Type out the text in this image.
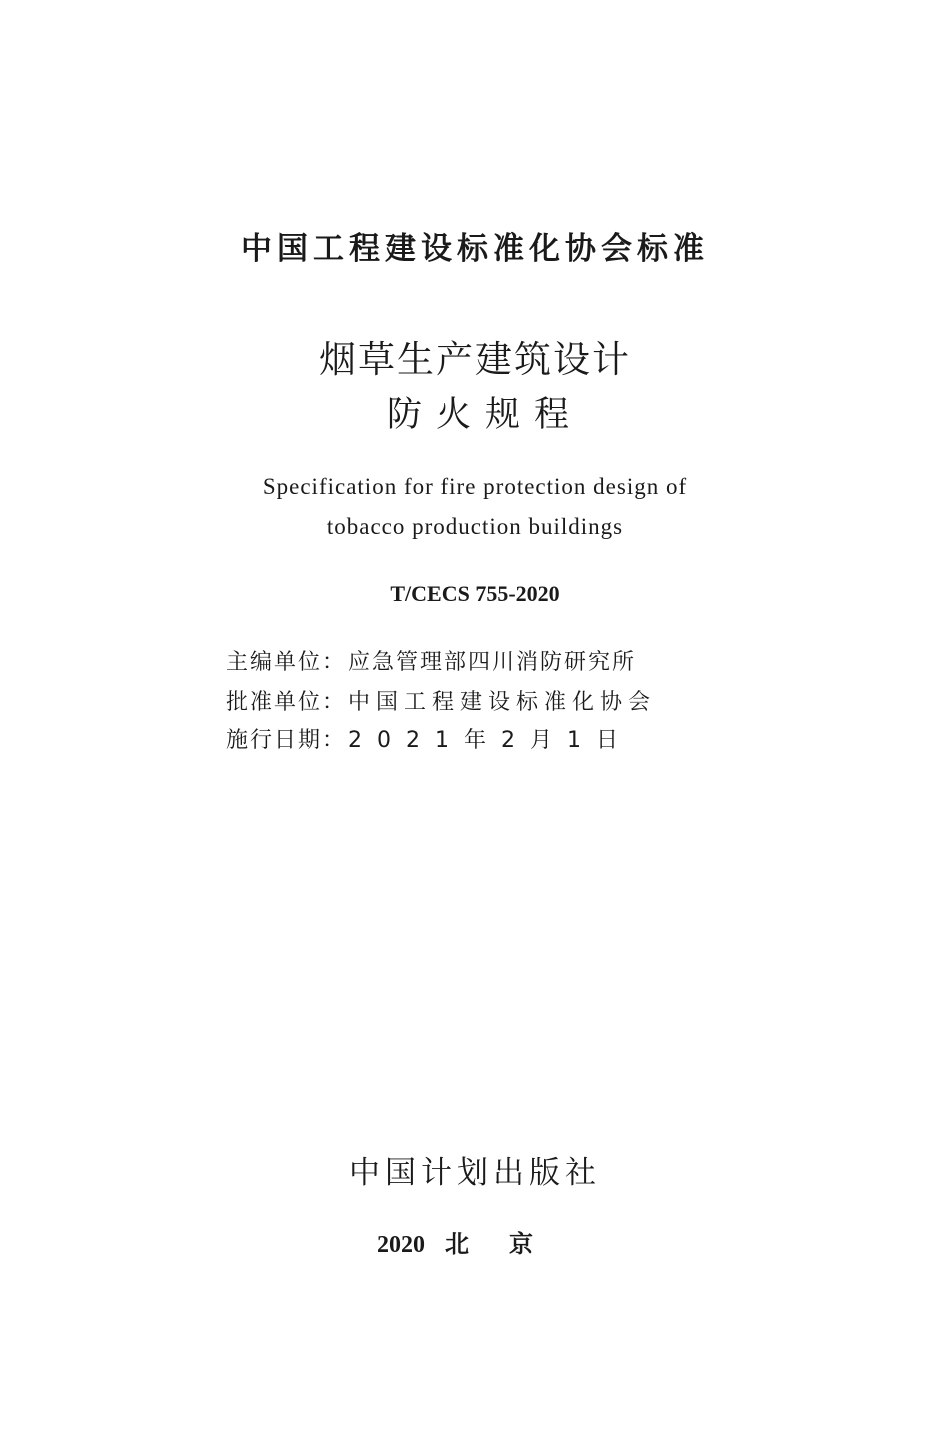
中国工程建设标准化协会标准
烟草生产建筑设计
防火规程
Specification for fire protection design of
tobacco production buildings
T/CECS 755-2020
主编单位：应急管理部四川消防研究所
批准单位：中国工程建设标准化协会
施行日期：2021年2月1日
中国计划出版社
2020 北京
